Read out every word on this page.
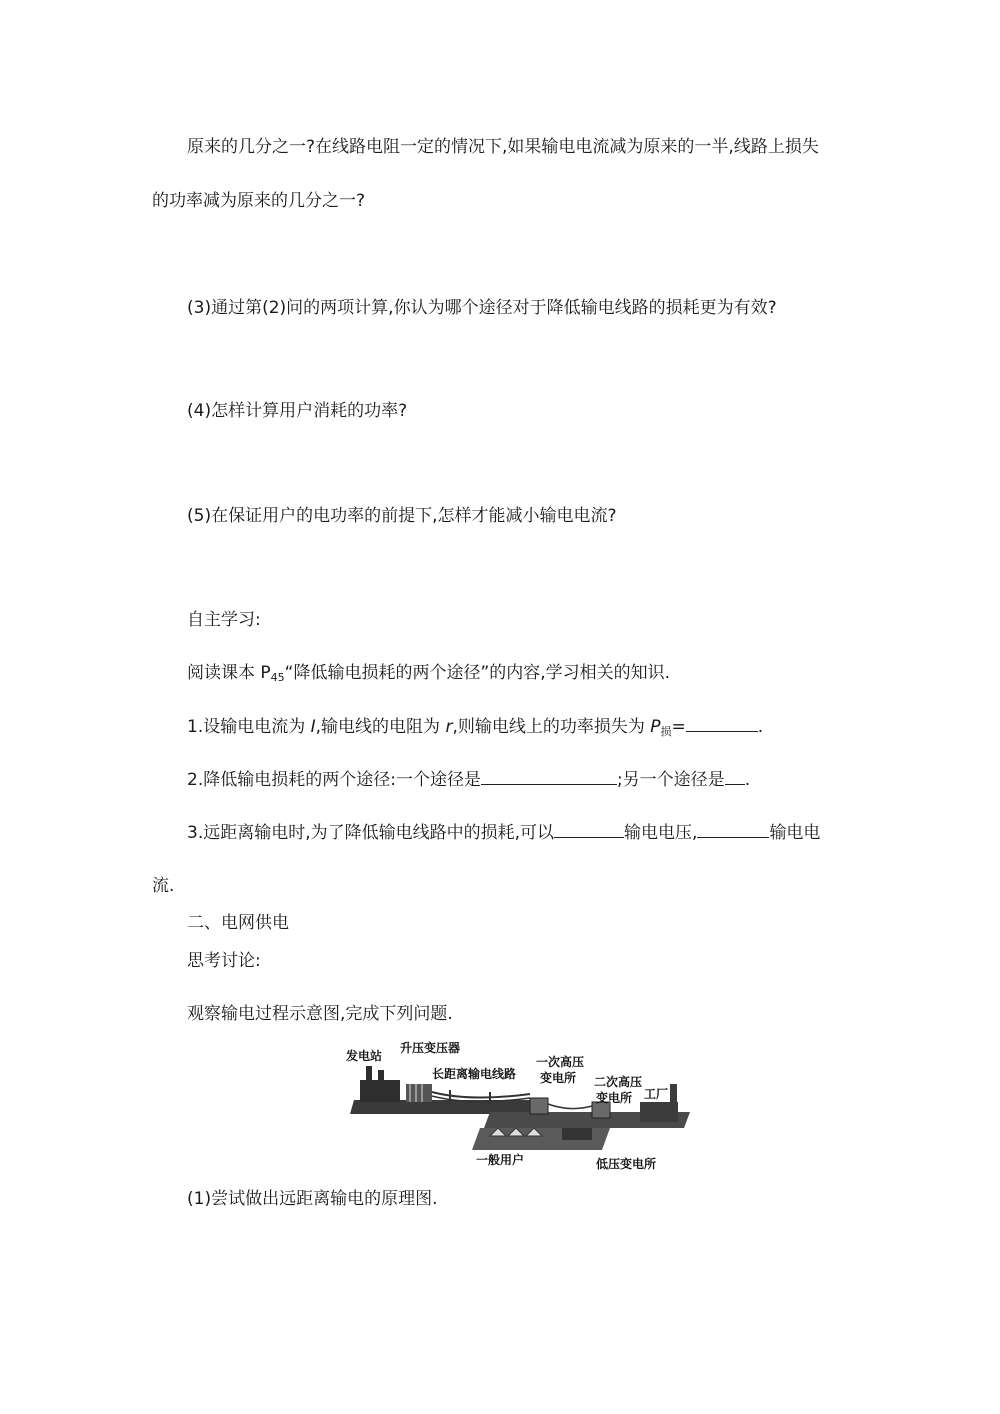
原来的几分之一?在线路电阻一定的情况下,如果输电电流减为原来的一半,线路上损失
的功率减为原来的几分之一?
(3)通过第(2)问的两项计算,你认为哪个途径对于降低输电线路的损耗更为有效?
(4)怎样计算用户消耗的功率?
(5)在保证用户的电功率的前提下,怎样才能减小输电电流?
自主学习:
阅读课本 $P_{45}“$降低输电损耗的两个途径”的内容,学习相关的知识.
1.设输电电流为 I,输电线的电阻为 r,则输电线上的功率损失为 $P_损=$	.
2.降低输电损耗的两个途径:一个途径是	;另一个途径是 .
3.远距离输电时,为了降低输电线路中的损耗,可以	输电电压,	输电电
流.
二、电网供电
思考讨论:
观察输电过程示意图,完成下列问题.
发电站
升压变压器
长距离输电线路
一次高压
变电所 二次高压
变电所 工厂
一般用户	低压变电所
(1)尝试做出远距离输电的原理图.
